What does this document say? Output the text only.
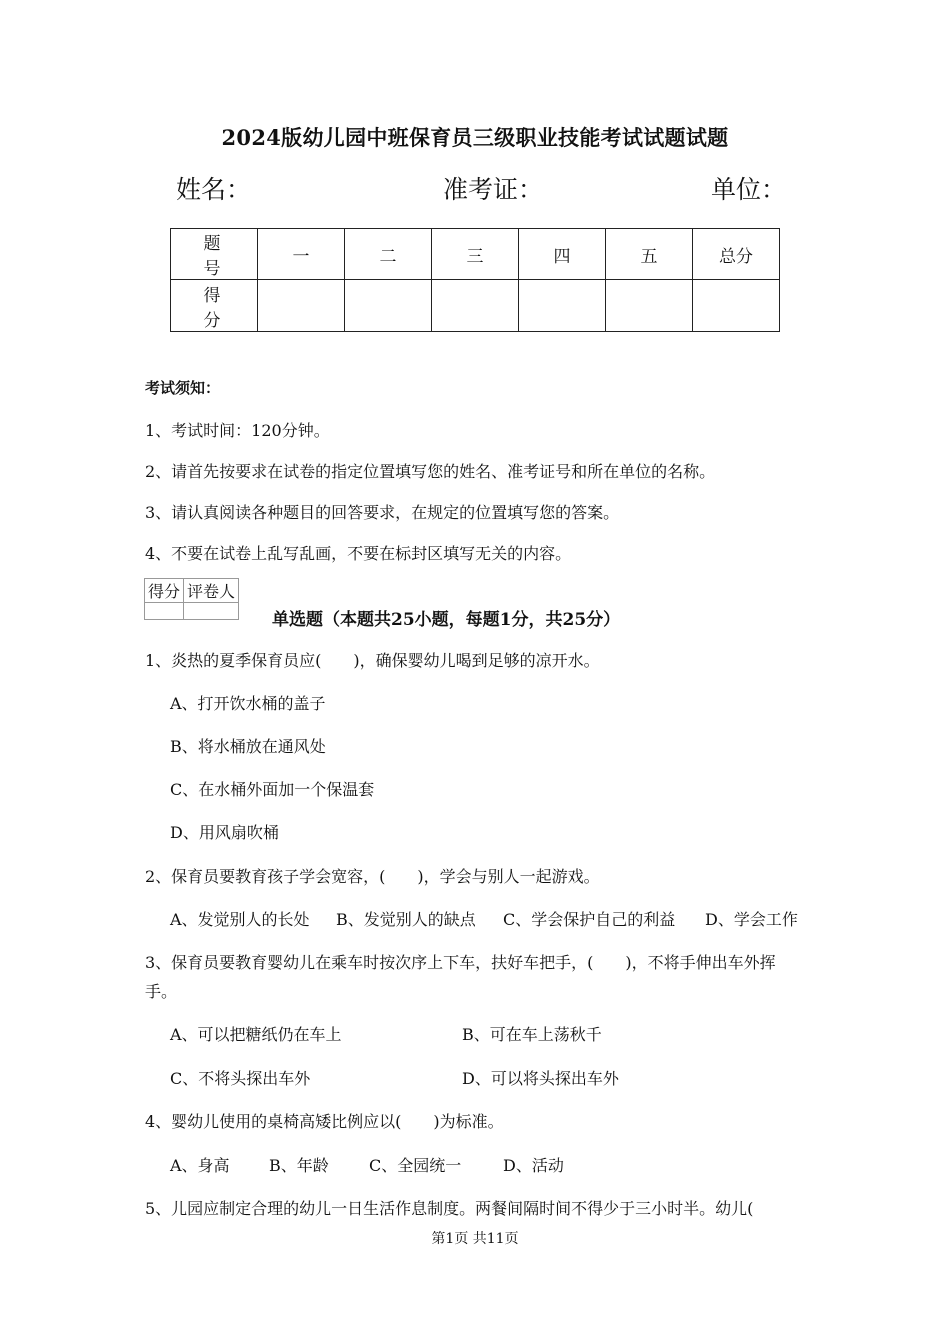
2024版幼儿园中班保育员三级职业技能考试试题试题
姓名：	准考证：	单位：
题　号	一	二	三	四	五	总分
得　分						
考试须知：
1、考试时间：120分钟。
2、请首先按要求在试卷的指定位置填写您的姓名、准考证号和所在单位的名称。
3、请认真阅读各种题目的回答要求，在规定的位置填写您的答案。
4、不要在试卷上乱写乱画，不要在标封区填写无关的内容。
得分	评卷人

单选题（本题共25小题，每题1分，共25分）
1、炎热的夏季保育员应(　　)，确保婴幼儿喝到足够的凉开水。
A、打开饮水桶的盖子
B、将水桶放在通风处
C、在水桶外面加一个保温套
D、用风扇吹桶
2、保育员要教育孩子学会宽容，(　　)，学会与别人一起游戏。
A、发觉别人的长处 B、发觉别人的缺点 C、学会保护自己的利益 D、学会工作
3、保育员要教育婴幼儿在乘车时按次序上下车，扶好车把手，(　　)，不将手伸出车外挥
手。
A、可以把糖纸仍在车上	B、可在车上荡秋千
C、不将头探出车外	D、可以将头探出车外
4、婴幼儿使用的桌椅高矮比例应以(　　)为标准。
A、身高 B、年龄	C、全园统一	D、活动
5、儿园应制定合理的幼儿一日生活作息制度。两餐间隔时间不得少于三小时半。幼儿(
第1页 共11页
